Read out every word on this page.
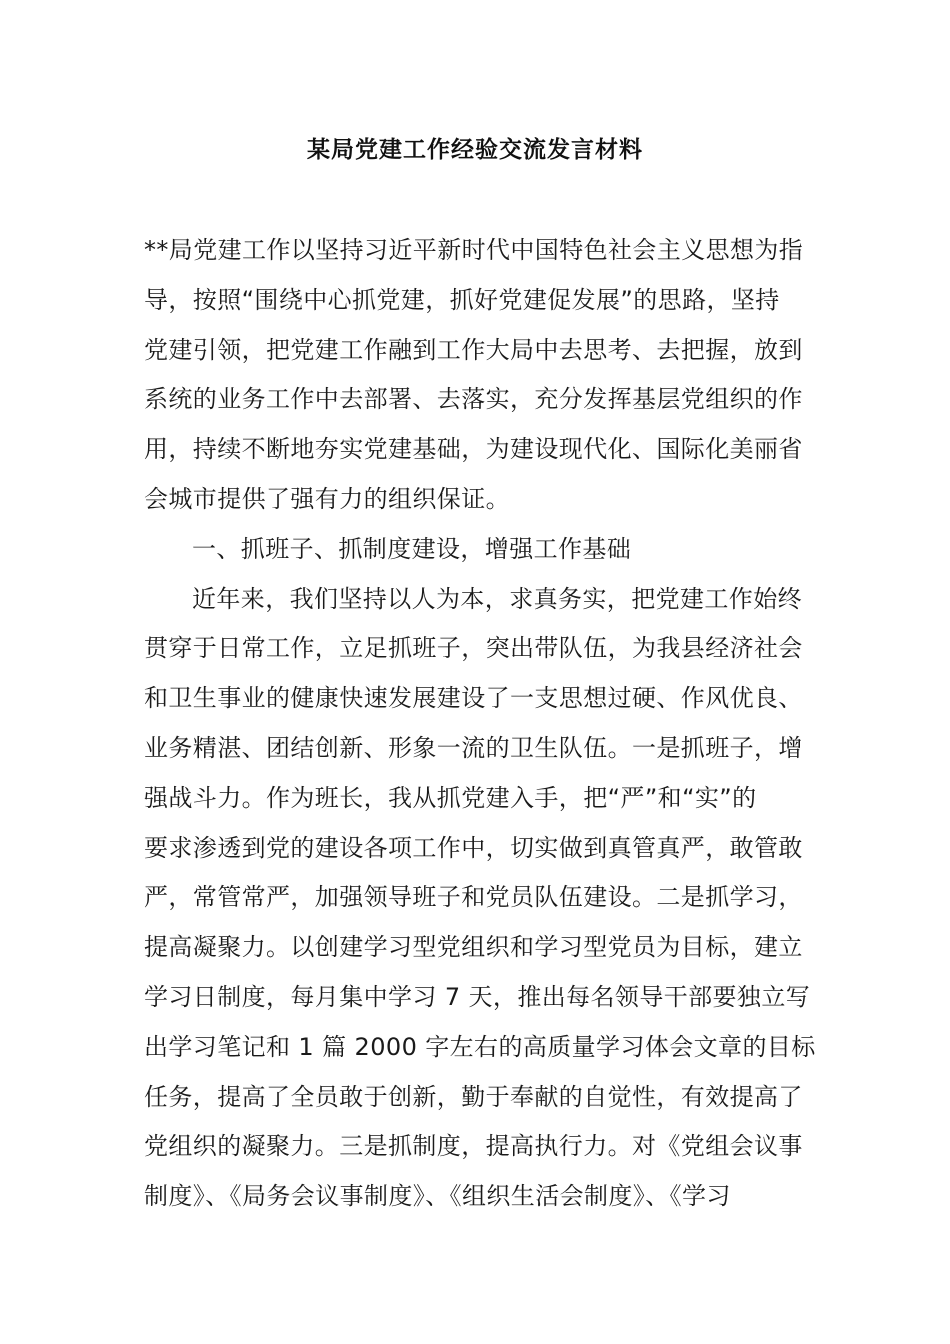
某局党建工作经验交流发言材料
**局党建工作以坚持习近平新时代中国特色社会主义思想为指
导，按照“围绕中心抓党建，抓好党建促发展”的思路，坚持
党建引领，把党建工作融到工作大局中去思考、去把握，放到
系统的业务工作中去部署、去落实，充分发挥基层党组织的作
用，持续不断地夯实党建基础，为建设现代化、国际化美丽省
会城市提供了强有力的组织保证。
一、抓班子、抓制度建设，增强工作基础
近年来，我们坚持以人为本，求真务实，把党建工作始终
贯穿于日常工作，立足抓班子，突出带队伍，为我县经济社会
和卫生事业的健康快速发展建设了一支思想过硬、作风优良、
业务精湛、团结创新、形象一流的卫生队伍。一是抓班子，增
强战斗力。作为班长，我从抓党建入手，把“严”和“实”的
要求渗透到党的建设各项工作中，切实做到真管真严，敢管敢
严，常管常严，加强领导班子和党员队伍建设。二是抓学习，
提高凝聚力。以创建学习型党组织和学习型党员为目标，建立
学习日制度，每月集中学习 7 天，推出每名领导干部要独立写
出学习笔记和 1 篇 2000 字左右的高质量学习体会文章的目标
任务，提高了全员敢于创新，勤于奉献的自觉性，有效提高了
党组织的凝聚力。三是抓制度，提高执行力。对《党组会议事
制度》、《局务会议事制度》、《组织生活会制度》、《学习
